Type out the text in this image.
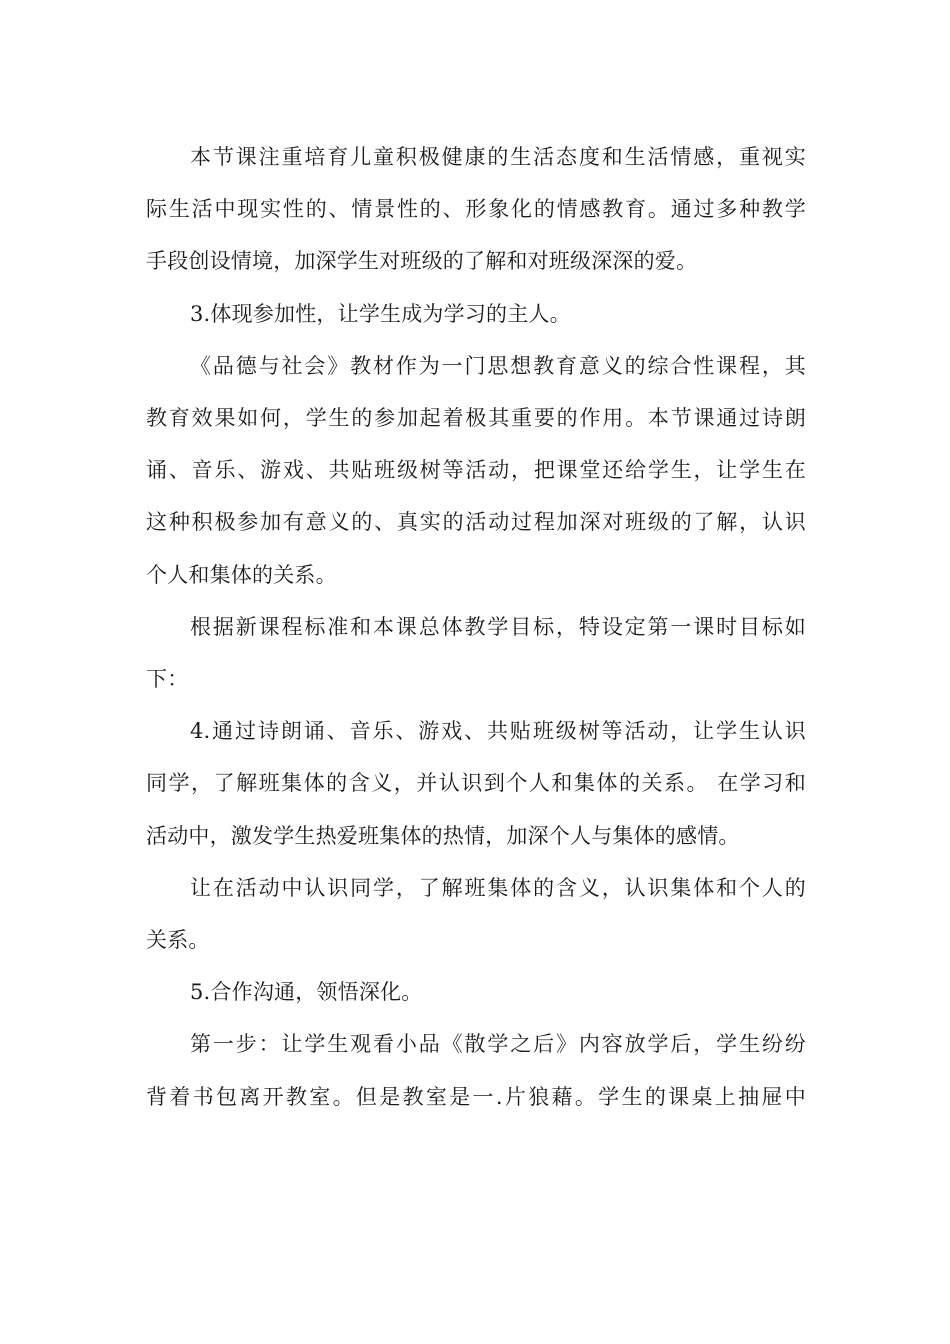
本节课注重培育儿童积极健康的生活态度和生活情感，重视实
际生活中现实性的、情景性的、形象化的情感教育。通过多种教学
手段创设情境，加深学生对班级的了解和对班级深深的爱。
3.体现参加性，让学生成为学习的主人。
《品德与社会》教材作为一门思想教育意义的综合性课程，其
教育效果如何，学生的参加起着极其重要的作用。本节课通过诗朗
诵、音乐、游戏、共贴班级树等活动，把课堂还给学生，让学生在
这种积极参加有意义的、真实的活动过程加深对班级的了解，认识
个人和集体的关系。
根据新课程标准和本课总体教学目标，特设定第一课时目标如
下：
4.通过诗朗诵、音乐、游戏、共贴班级树等活动，让学生认识
同学，了解班集体的含义，并认识到个人和集体的关系。 在学习和
活动中，激发学生热爱班集体的热情，加深个人与集体的感情。
让在活动中认识同学，了解班集体的含义，认识集体和个人的
关系。
5.合作沟通，领悟深化。
第一步：让学生观看小品《散学之后》内容放学后，学生纷纷
背着书包离开教室。但是教室是一.片狼藉。学生的课桌上抽屉中
